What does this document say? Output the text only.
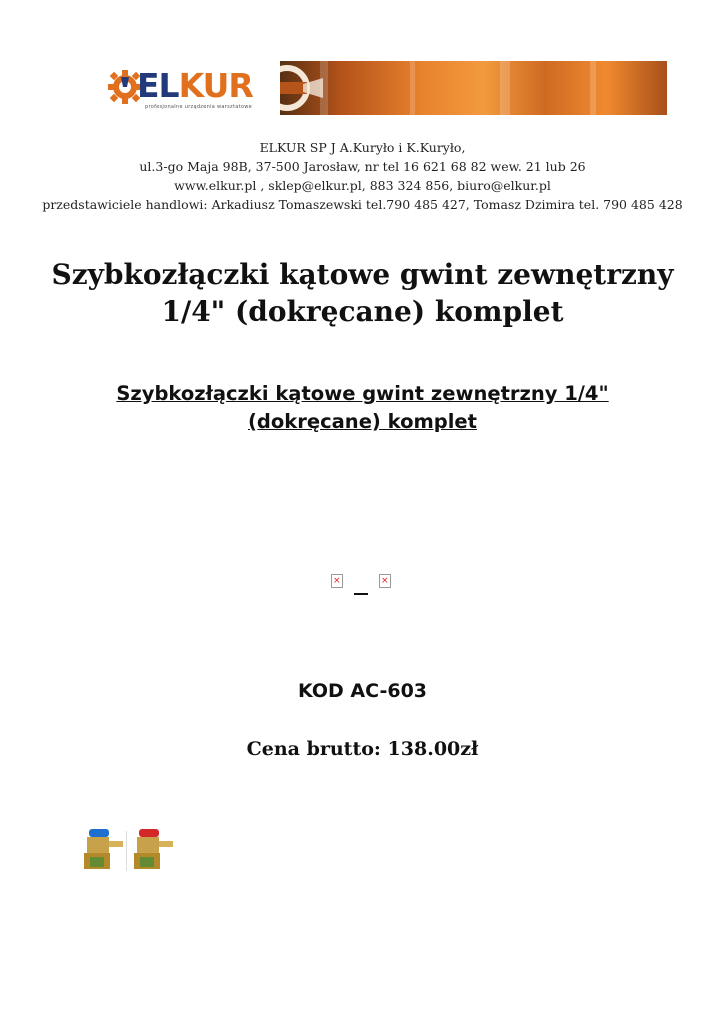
ELKUR
profesjonalne urządzenia warsztatowe
ELKUR SP J A.Kuryło i K.Kuryło,
ul.3-go Maja 98B, 37-500 Jarosław, nr tel 16 621 68 82 wew. 21 lub 26
www.elkur.pl , sklep@elkur.pl, 883 324 856, biuro@elkur.pl
przedstawiciele handlowi: Arkadiusz Tomaszewski tel.790 485 427, Tomasz Dzimira tel. 790 485 428
Szybkozłączki kątowe gwint zewnętrzny 1/4" (dokręcane) komplet
Szybkozłączki kątowe gwint zewnętrzny 1/4" (dokręcane) komplet
×	×
KOD AC-603
Cena brutto: 138.00zł
